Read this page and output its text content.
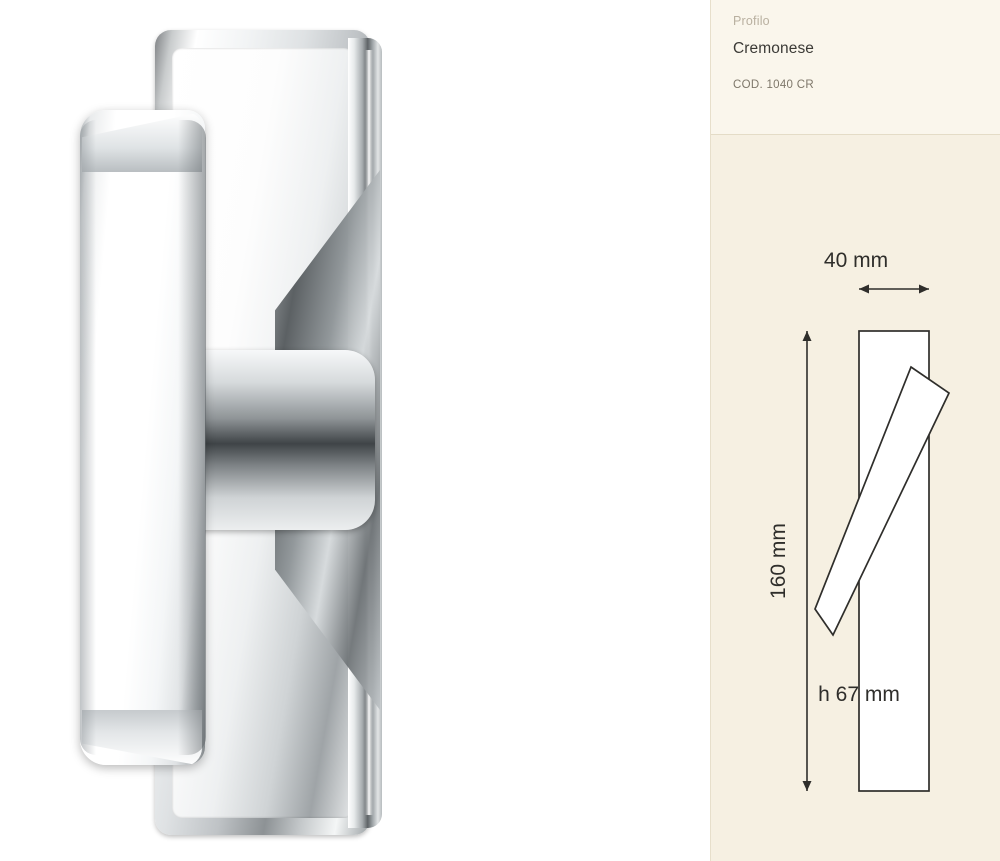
Profilo
Cremonese
COD. 1040 CR
40 mm
160 mm
h 67 mm
